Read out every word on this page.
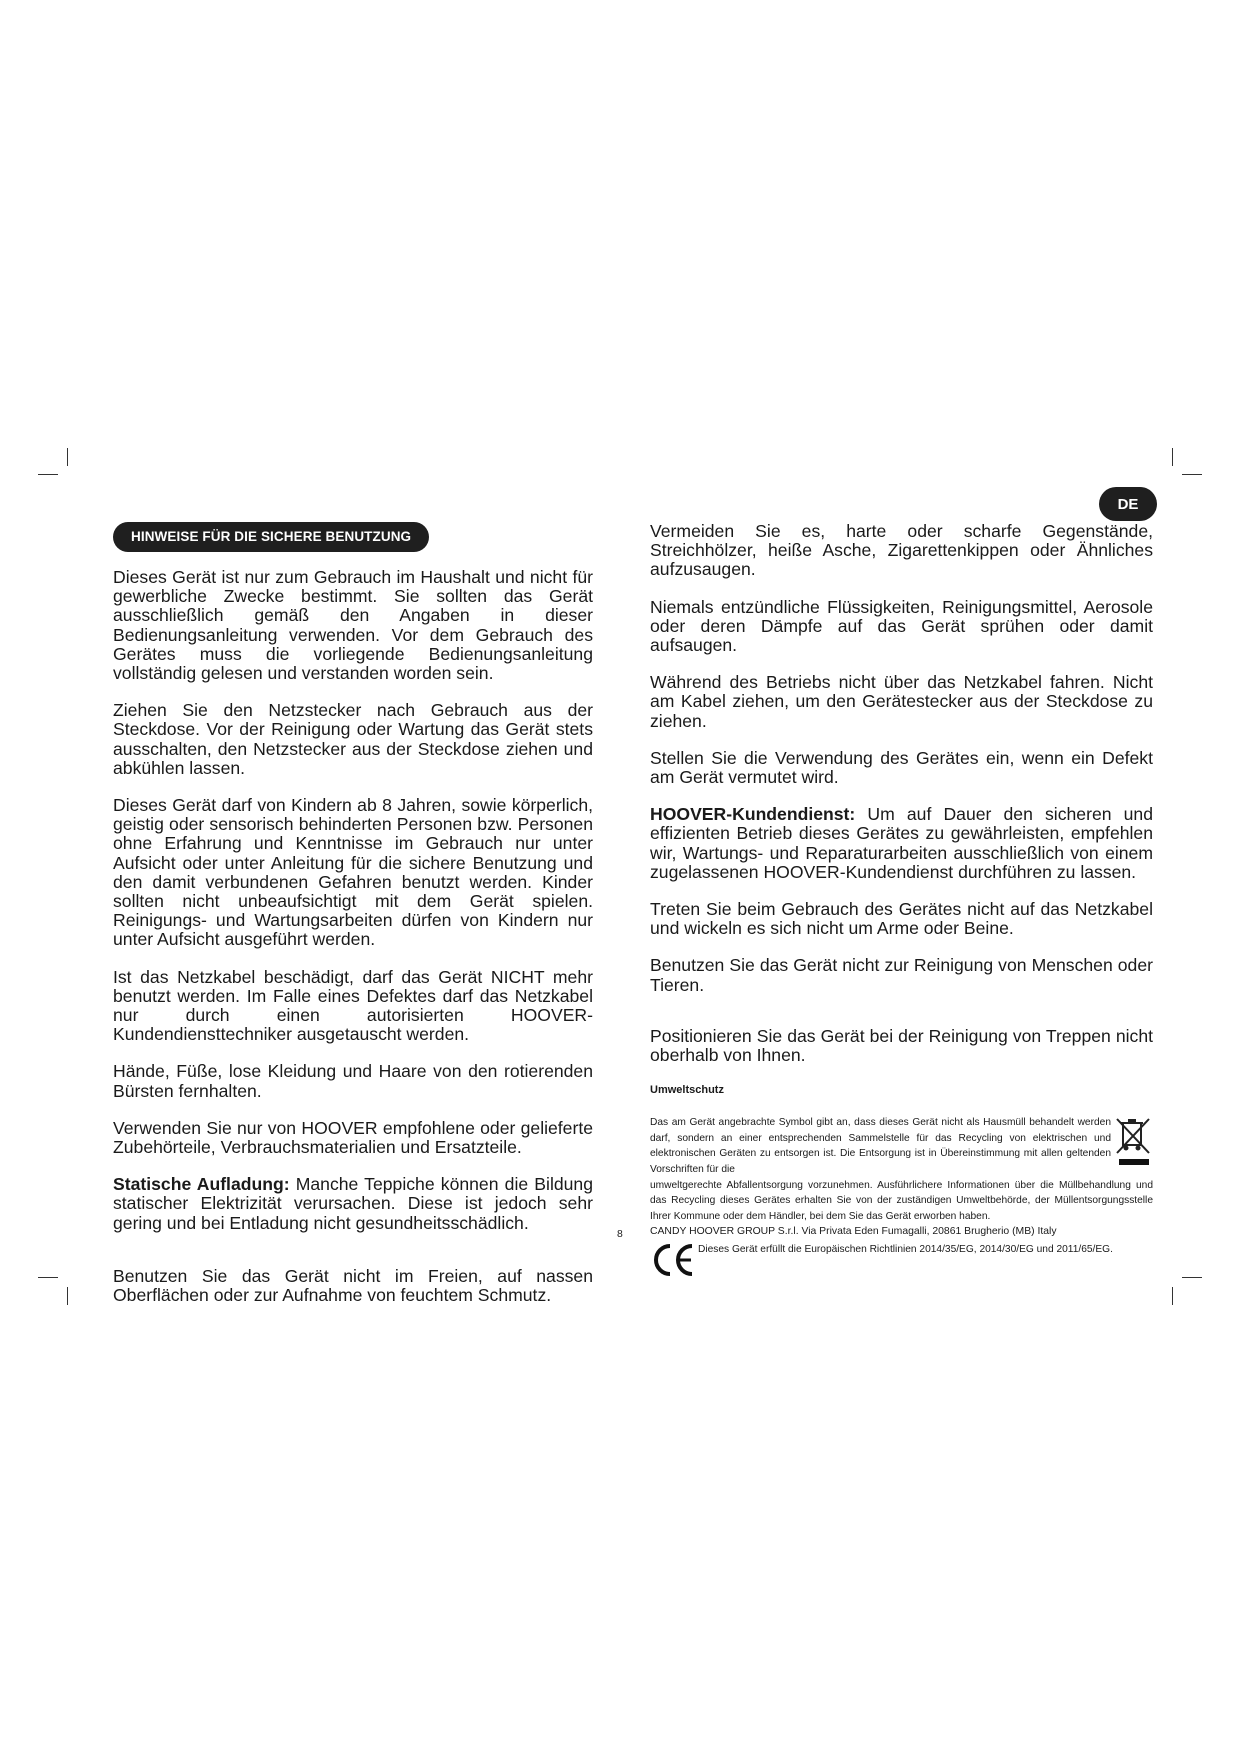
DE
HINWEISE FÜR DIE SICHERE BENUTZUNG

Dieses Gerät ist nur zum Gebrauch im Haushalt und nicht für gewerbliche Zwecke bestimmt. Sie sollten das Gerät ausschließlich gemäß den Angaben in dieser Bedienungsanleitung verwenden. Vor dem Gebrauch des Gerätes muss die vorliegende Bedienungsanleitung vollständig gelesen und verstanden worden sein.

Ziehen Sie den Netzstecker nach Gebrauch aus der Steckdose. Vor der Reinigung oder Wartung das Gerät stets ausschalten, den Netzstecker aus der Steckdose ziehen und abkühlen lassen.

Dieses Gerät darf von Kindern ab 8 Jahren, sowie körperlich, geistig oder sensorisch behinderten Personen bzw. Personen ohne Erfahrung und Kenntnisse im Gebrauch nur unter Aufsicht oder unter Anleitung für die sichere Benutzung und den damit verbundenen Gefahren benutzt werden. Kinder sollten nicht unbeaufsichtigt mit dem Gerät spielen. Reinigungs- und Wartungsarbeiten dürfen von Kindern nur unter Aufsicht ausgeführt werden.

Ist das Netzkabel beschädigt, darf das Gerät NICHT mehr benutzt werden. Im Falle eines Defektes darf das Netzkabel nur durch einen autorisierten HOOVER-Kundendiensttechniker ausgetauscht werden.

Hände, Füße, lose Kleidung und Haare von den rotierenden Bürsten fernhalten.

Verwenden Sie nur von HOOVER empfohlene oder gelieferte Zubehörteile, Verbrauchsmaterialien und Ersatzteile.

Statische Aufladung: Manche Teppiche können die Bildung statischer Elektrizität verursachen. Diese ist jedoch sehr gering und bei Entladung nicht gesundheitsschädlich.

Benutzen Sie das Gerät nicht im Freien, auf nassen Oberflächen oder zur Aufnahme von feuchtem Schmutz.

Vermeiden Sie es, harte oder scharfe Gegenstände, Streichhölzer, heiße Asche, Zigarettenkippen oder Ähnliches aufzusaugen.

Niemals entzündliche Flüssigkeiten, Reinigungsmittel, Aerosole oder deren Dämpfe auf das Gerät sprühen oder damit aufsaugen.

Während des Betriebs nicht über das Netzkabel fahren. Nicht am Kabel ziehen, um den Gerätestecker aus der Steckdose zu ziehen.

Stellen Sie die Verwendung des Gerätes ein, wenn ein Defekt am Gerät vermutet wird.

HOOVER-Kundendienst: Um auf Dauer den sicheren und effizienten Betrieb dieses Gerätes zu gewährleisten, empfehlen wir, Wartungs- und Reparaturarbeiten ausschließlich von einem zugelassenen HOOVER-Kundendienst durchführen zu lassen.

Treten Sie beim Gebrauch des Gerätes nicht auf das Netzkabel und wickeln es sich nicht um Arme oder Beine.

Benutzen Sie das Gerät nicht zur Reinigung von Menschen oder Tieren.

Positionieren Sie das Gerät bei der Reinigung von Treppen nicht oberhalb von Ihnen.

Umweltschutz

Das am Gerät angebrachte Symbol gibt an, dass dieses Gerät nicht als Hausmüll behandelt werden darf, sondern an einer entsprechenden Sammelstelle für das Recycling von elektrischen und elektronischen Geräten zu entsorgen ist. Die Entsorgung ist in Übereinstimmung mit allen geltenden Vorschriften für die
umweltgerechte Abfallentsorgung vorzunehmen. Ausführlichere Informationen über die Müllbehandlung und das Recycling dieses Gerätes erhalten Sie von der zuständigen Umweltbehörde, der Müllentsorgungsstelle Ihrer Kommune oder dem Händler, bei dem Sie das Gerät erworben haben.

Dieses Gerät erfüllt die Europäischen Richtlinien 2014/35/EG, 2014/30/EG und 2011/65/EG.
8	CANDY HOOVER GROUP S.r.l. Via Privata Eden Fumagalli, 20861 Brugherio (MB) Italy
